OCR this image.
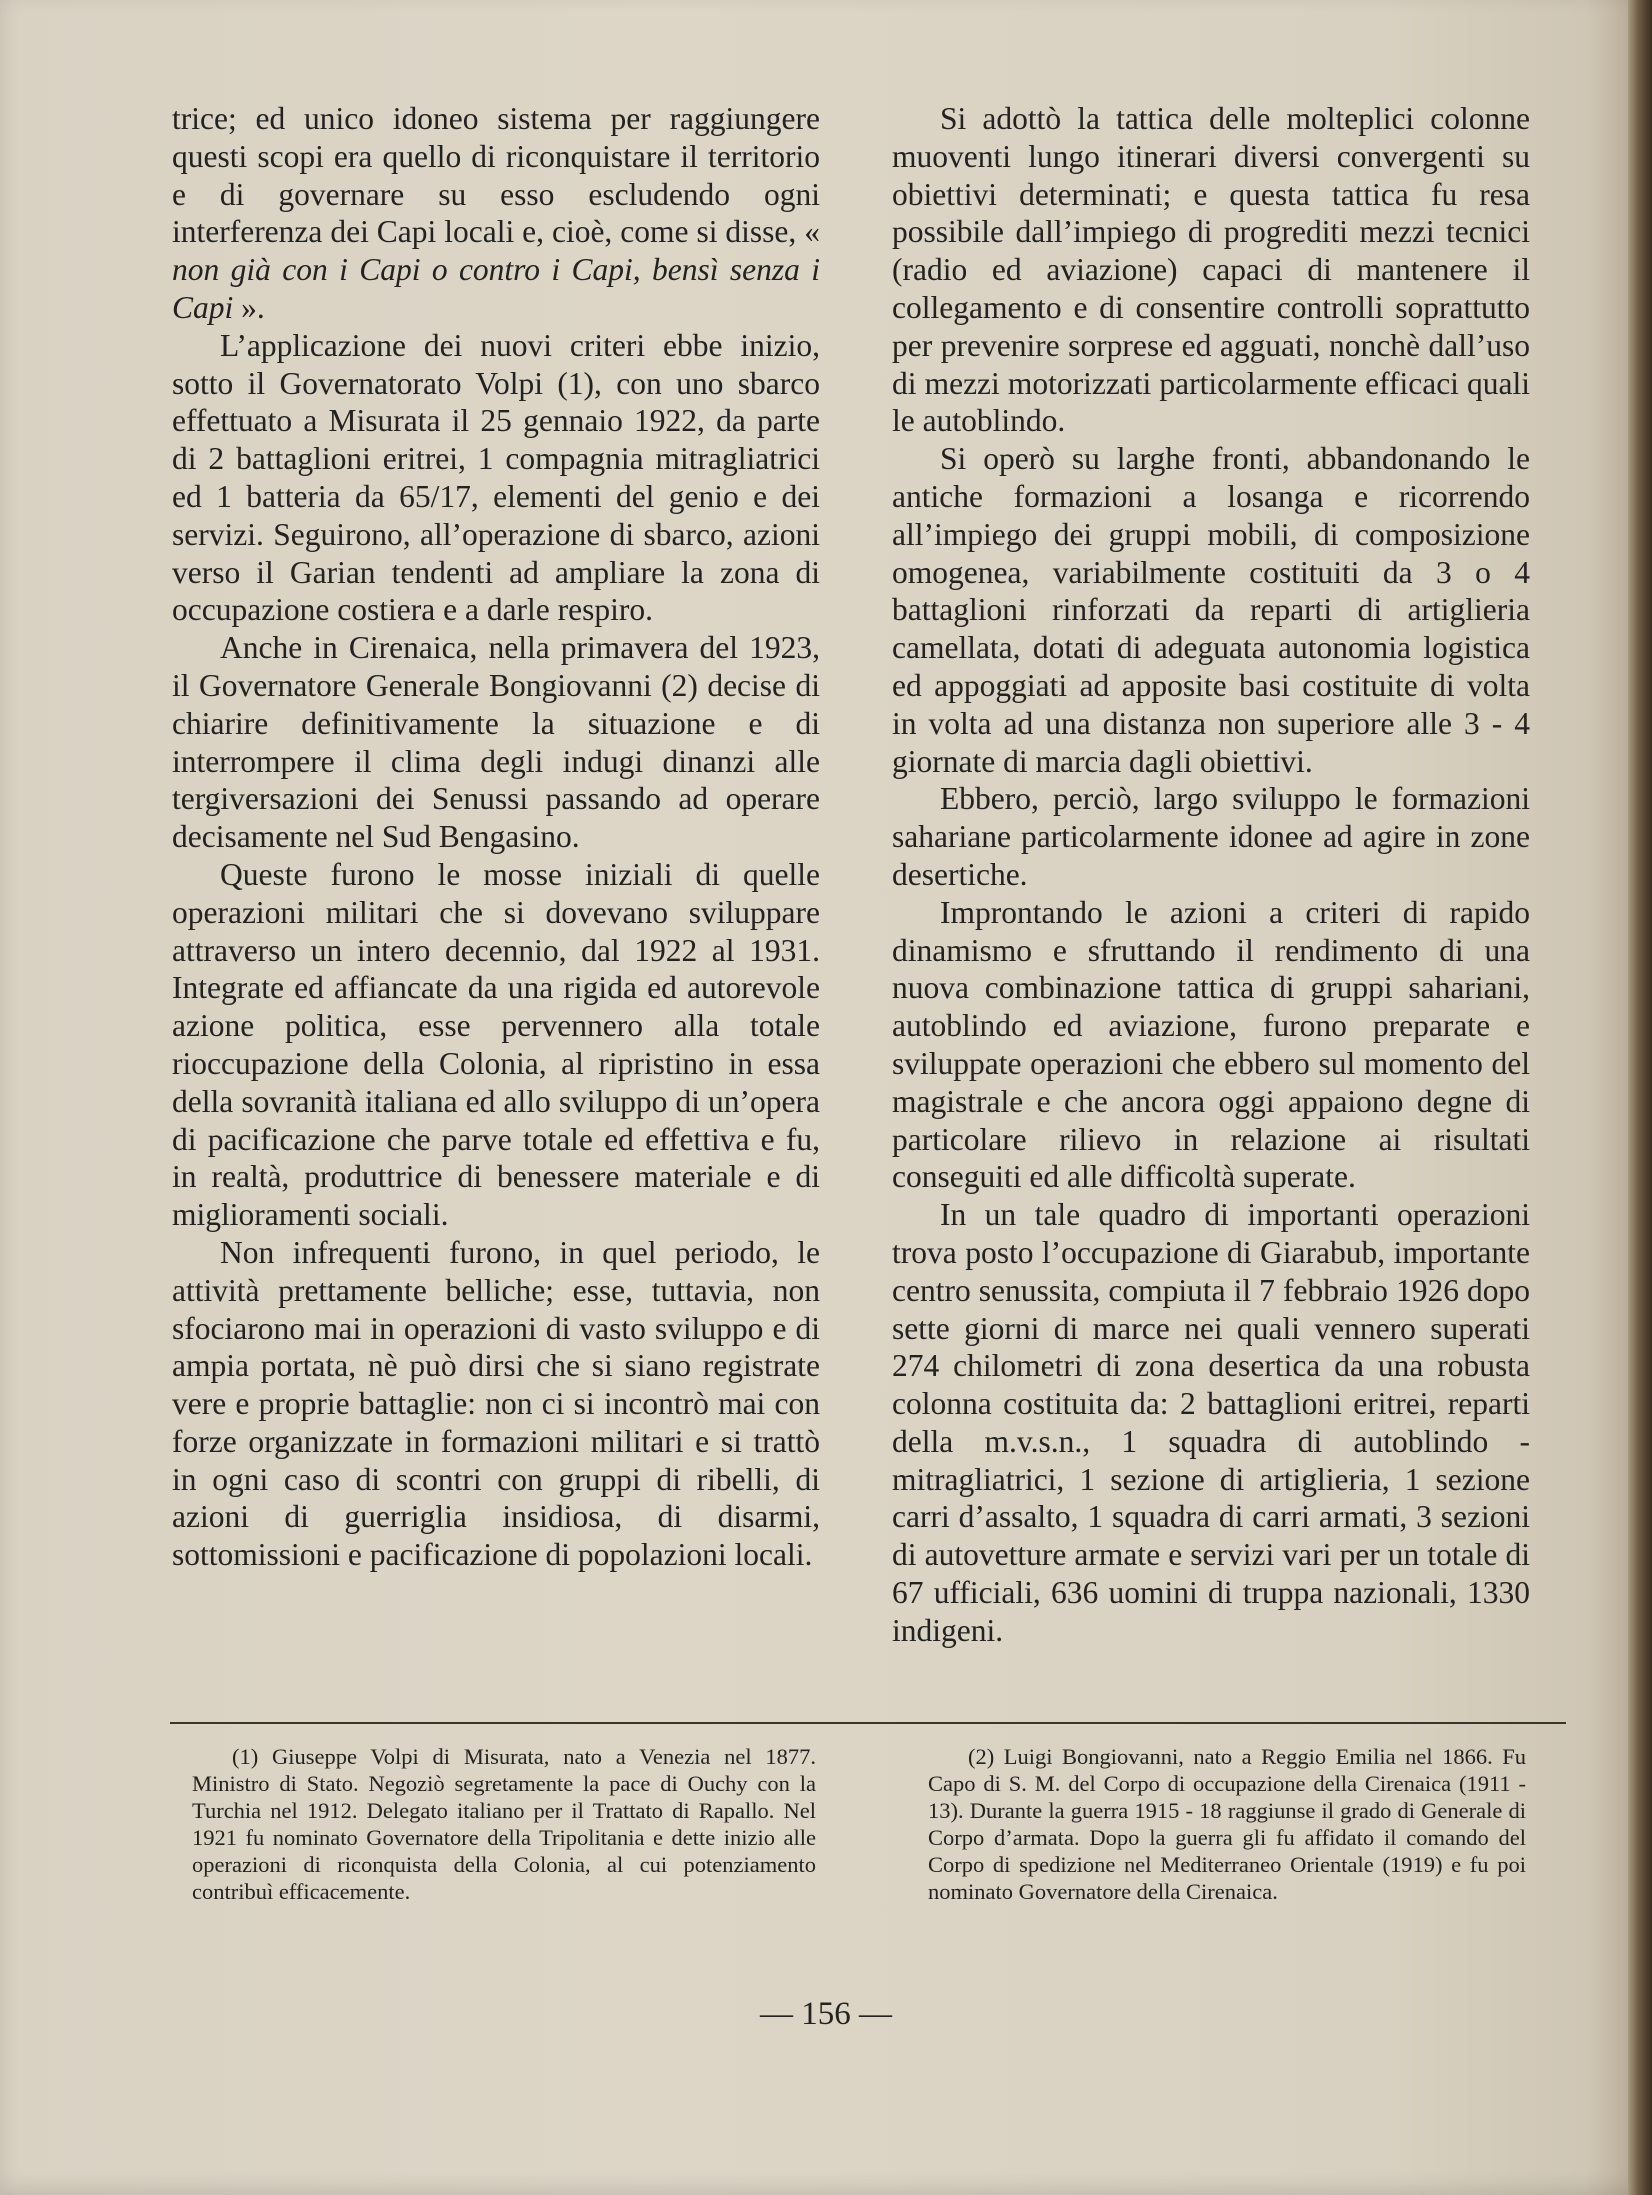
trice; ed unico idoneo sistema per raggiungere questi scopi era quello di riconquistare il territorio e di governare su esso escludendo ogni interferenza dei Capi locali e, cioè, come si disse, « non già con i Capi o contro i Capi, bensì senza i Capi ».

L’applicazione dei nuovi criteri ebbe inizio, sotto il Governatorato Volpi (1), con uno sbarco effettuato a Misurata il 25 gennaio 1922, da parte di 2 battaglioni eritrei, 1 compagnia mitragliatrici ed 1 batteria da 65/17, elementi del genio e dei servizi. Seguirono, all’operazione di sbarco, azioni verso il Garian tendenti ad ampliare la zona di occupazione costiera e a darle respiro.

Anche in Cirenaica, nella primavera del 1923, il Governatore Generale Bongiovanni (2) decise di chiarire definitivamente la situazione e di interrompere il clima degli indugi dinanzi alle tergiversazioni dei Senussi passando ad operare decisamente nel Sud Bengasino.

Queste furono le mosse iniziali di quelle operazioni militari che si dovevano sviluppare attraverso un intero decennio, dal 1922 al 1931. Integrate ed affiancate da una rigida ed autorevole azione politica, esse pervennero alla totale rioccupazione della Colonia, al ripristino in essa della sovranità italiana ed allo sviluppo di un’opera di pacificazione che parve totale ed effettiva e fu, in realtà, produttrice di benessere materiale e di miglioramenti sociali.

Non infrequenti furono, in quel periodo, le attività prettamente belliche; esse, tuttavia, non sfociarono mai in operazioni di vasto sviluppo e di ampia portata, nè può dirsi che si siano registrate vere e proprie battaglie: non ci si incontrò mai con forze organizzate in formazioni militari e si trattò in ogni caso di scontri con gruppi di ribelli, di azioni di guerriglia insidiosa, di disarmi, sottomissioni e pacificazione di popolazioni locali.

Si adottò la tattica delle molteplici colonne muoventi lungo itinerari diversi convergenti su obiettivi determinati; e questa tattica fu resa possibile dall’impiego di progrediti mezzi tecnici (radio ed aviazione) capaci di mantenere il collegamento e di consentire controlli soprattutto per prevenire sorprese ed agguati, nonchè dall’uso di mezzi motorizzati particolarmente efficaci quali le autoblindo.

Si operò su larghe fronti, abbandonando le antiche formazioni a losanga e ricorrendo all’impiego dei gruppi mobili, di composizione omogenea, variabilmente costituiti da 3 o 4 battaglioni rinforzati da reparti di artiglieria camellata, dotati di adeguata autonomia logistica ed appoggiati ad apposite basi costituite di volta in volta ad una distanza non superiore alle 3 - 4 giornate di marcia dagli obiettivi.

Ebbero, perciò, largo sviluppo le formazioni sahariane particolarmente idonee ad agire in zone desertiche.

Improntando le azioni a criteri di rapido dinamismo e sfruttando il rendimento di una nuova combinazione tattica di gruppi sahariani, autoblindo ed aviazione, furono preparate e sviluppate operazioni che ebbero sul momento del magistrale e che ancora oggi appaiono degne di particolare rilievo in relazione ai risultati conseguiti ed alle difficoltà superate.

In un tale quadro di importanti operazioni trova posto l’occupazione di Giarabub, importante centro senussita, compiuta il 7 febbraio 1926 dopo sette giorni di marce nei quali vennero superati 274 chilometri di zona desertica da una robusta colonna costituita da: 2 battaglioni eritrei, reparti della m.v.s.n., 1 squadra di autoblindo - mitragliatrici, 1 sezione di artiglieria, 1 sezione carri d’assalto, 1 squadra di carri armati, 3 sezioni di autovetture armate e servizi vari per un totale di 67 ufficiali, 636 uomini di truppa nazionali, 1330 indigeni.

(1) Giuseppe Volpi di Misurata, nato a Venezia nel 1877. Ministro di Stato. Negoziò segretamente la pace di Ouchy con la Turchia nel 1912. Delegato italiano per il Trattato di Rapallo. Nel 1921 fu nominato Governatore della Tripolitania e dette inizio alle operazioni di riconquista della Colonia, al cui potenziamento contribuì efficacemente.

(2) Luigi Bongiovanni, nato a Reggio Emilia nel 1866. Fu Capo di S. M. del Corpo di occupazione della Cirenaica (1911 - 13). Durante la guerra 1915 - 18 raggiunse il grado di Generale di Corpo d’armata. Dopo la guerra gli fu affidato il comando del Corpo di spedizione nel Mediterraneo Orientale (1919) e fu poi nominato Governatore della Cirenaica.

— 156 —
